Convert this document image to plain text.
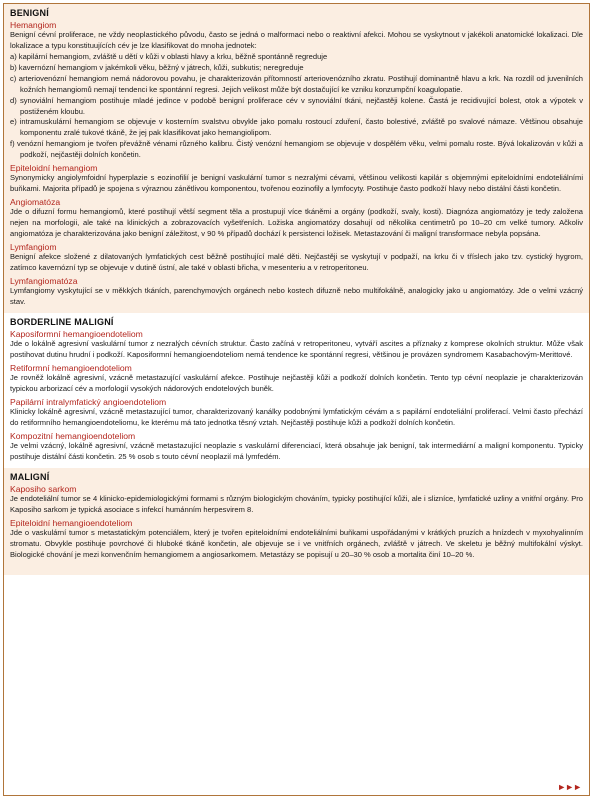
BENIGNÍ
Hemangiom

Benigní cévní proliferace, ne vždy neoplastického původu, často se jedná o malformaci nebo o reaktivní afekci. Mohou se vyskytnout v jakékoli anatomické lokalizaci. Dle lokalizace a typu konstituujících cév je lze klasifikovat do mnoha jednotek:

a) kapilární hemangiom, zvláště u dětí v kůži v oblasti hlavy a krku, běžně spontánně regreduje
b) kavernózní hemangiom v jakémkoli věku, běžný v játrech, kůži, subkutis; neregreduje
c) arteriovenózní hemangiom nemá nádorovou povahu, je charakterizován přítomností arteriovenózního zkratu. Postihují dominantně hlavu a krk. Na rozdíl od juvenilních kožních hemangiomů nemají tendenci ke spontánní regresi. Jejich velikost může být dostačující ke vzniku konzumpční koagulopatie.
d) synoviální hemangiom postihuje mladé jedince v podobě benigní proliferace cév v synoviální tkáni, nejčastěji kolene. Častá je recidivující bolest, otok a výpotek v postiženém kloubu.
e) intramuskulární hemangiom se objevuje v kosterním svalstvu obvykle jako pomalu rostoucí zduření, často bolestivé, zvláště po svalové námaze. Většinou obsahuje komponentu zralé tukové tkáně, že jej pak klasifikovat jako hemangiolipom.
f) venózní hemangiom je tvořen převážně vénami různého kalibru. Čistý venózní hemangiom se objevuje v dospělém věku, velmi pomalu roste. Bývá lokalizován v kůži a podkoží, nejčastěji dolních končetin.
Epiteloidní hemangiom

Synonymicky angiolymfoidní hyperplazie s eozinofilií je benigní vaskulární tumor s nezralými cévami, většinou velikosti kapilár s objemnými epiteloidními endoteliálními buňkami. Majorita případů je spojena s výraznou zánětlivou komponentou, tvořenou eozinofily a lymfocyty. Postihuje často podkoží hlavy nebo distální části končetin.

Angiomatóza

Jde o difuzní formu hemangiomů, které postihují větší segment těla a prostupují více tkáněmi a orgány (podkoží, svaly, kosti). Diagnóza angiomatózy je tedy založena nejen na morfologii, ale také na klinických a zobrazovacích vyšetřeních. Ložiska angiomatózy dosahují od několika centimetrů po 10–20 cm velké tumory. Ačkoliv angiomatóza je charakterizována jako benigní záležitost, v 90 % případů dochází k persistenci ložisek. Metastazování či maligní transformace nebyla popsána.

Lymfangiom

Benigní afekce složené z dilatovaných lymfatických cest běžně postihující malé děti. Nejčastěji se vyskytují v podpaží, na krku či v tříslech jako tzv. cystický hygrom, zatímco kavernózní typ se objevuje v dutině ústní, ale také v oblasti břicha, v mesenteriu a v retroperitoneu.

Lymfangiomatóza

Lymfangiomy vyskytující se v měkkých tkáních, parenchymových orgánech nebo kostech difuzně nebo multifokálně, analogicky jako u angiomatózy. Jde o velmi vzácný stav.

BORDERLINE MALIGNÍ
Kaposiformní hemangioendoteliom

Jde o lokálně agresivní vaskulární tumor z nezralých cévních struktur. Často začíná v retroperitoneu, vytváří ascites a příznaky z komprese okolních struktur. Může však postihovat dutinu hrudní i podkoží. Kaposiformní hemangioendoteliom nemá tendence ke spontánní regresi, většinou je provázen syndromem Kasabachovým-Merittové.

Retiformní hemangioendoteliom

Je rovněž lokálně agresivní, vzácně metastazující vaskulární afekce. Postihuje nejčastěji kůži a podkoží dolních končetin. Tento typ cévní neoplazie je charakterizován typickou arborizací cév a morfologií vysokých nádorových endotelových buněk.

Papilární intralymfatický angioendoteliom

Klinicky lokálně agresivní, vzácně metastazující tumor, charakterizovaný kanálky podobnými lymfatickým cévám a s papilární endoteliální proliferací. Velmi často přechází do retiformního hemangioendoteliomu, ke kterému má tato jednotka těsný vztah. Nejčastěji postihuje kůži a podkoží dolních končetin.

Kompozitní hemangioendoteliom

Je velmi vzácný, lokálně agresivní, vzácně metastazující neoplazie s vaskulární diferenciací, která obsahuje jak benigní, tak intermediární a maligní komponentu. Typicky postihuje distální části končetin. 25 % osob s touto cévní neoplazií má lymfedém.

MALIGNÍ
Kaposiho sarkom

Je endoteliální tumor se 4 klinicko-epidemiologickými formami s různým biologickým chováním, typicky postihující kůži, ale i slizníce, lymfatické uzliny a vnitřní orgány. Pro Kaposiho sarkom je typická asociace s infekcí humánním herpesvirem 8.

Epiteloidní hemangioendoteliom

Jde o vaskulární tumor s metastatickým potenciálem, který je tvořen epiteloidními endoteliálními buňkami uspořádanými v krátkých pruzích a hnízdech v myxohyalinním stromatu. Obvykle postihuje povrchové či hluboké tkáně končetin, ale objevuje se i ve vnitřních orgánech, zvláště v játrech. Ve skeletu je běžný multifokální výskyt. Biologické chování je mezi konvenčním hemangiomem a angiosarkomem. Metastázy se popisují u 20–30 % osob a mortalita činí 10–20 %.

►►►
